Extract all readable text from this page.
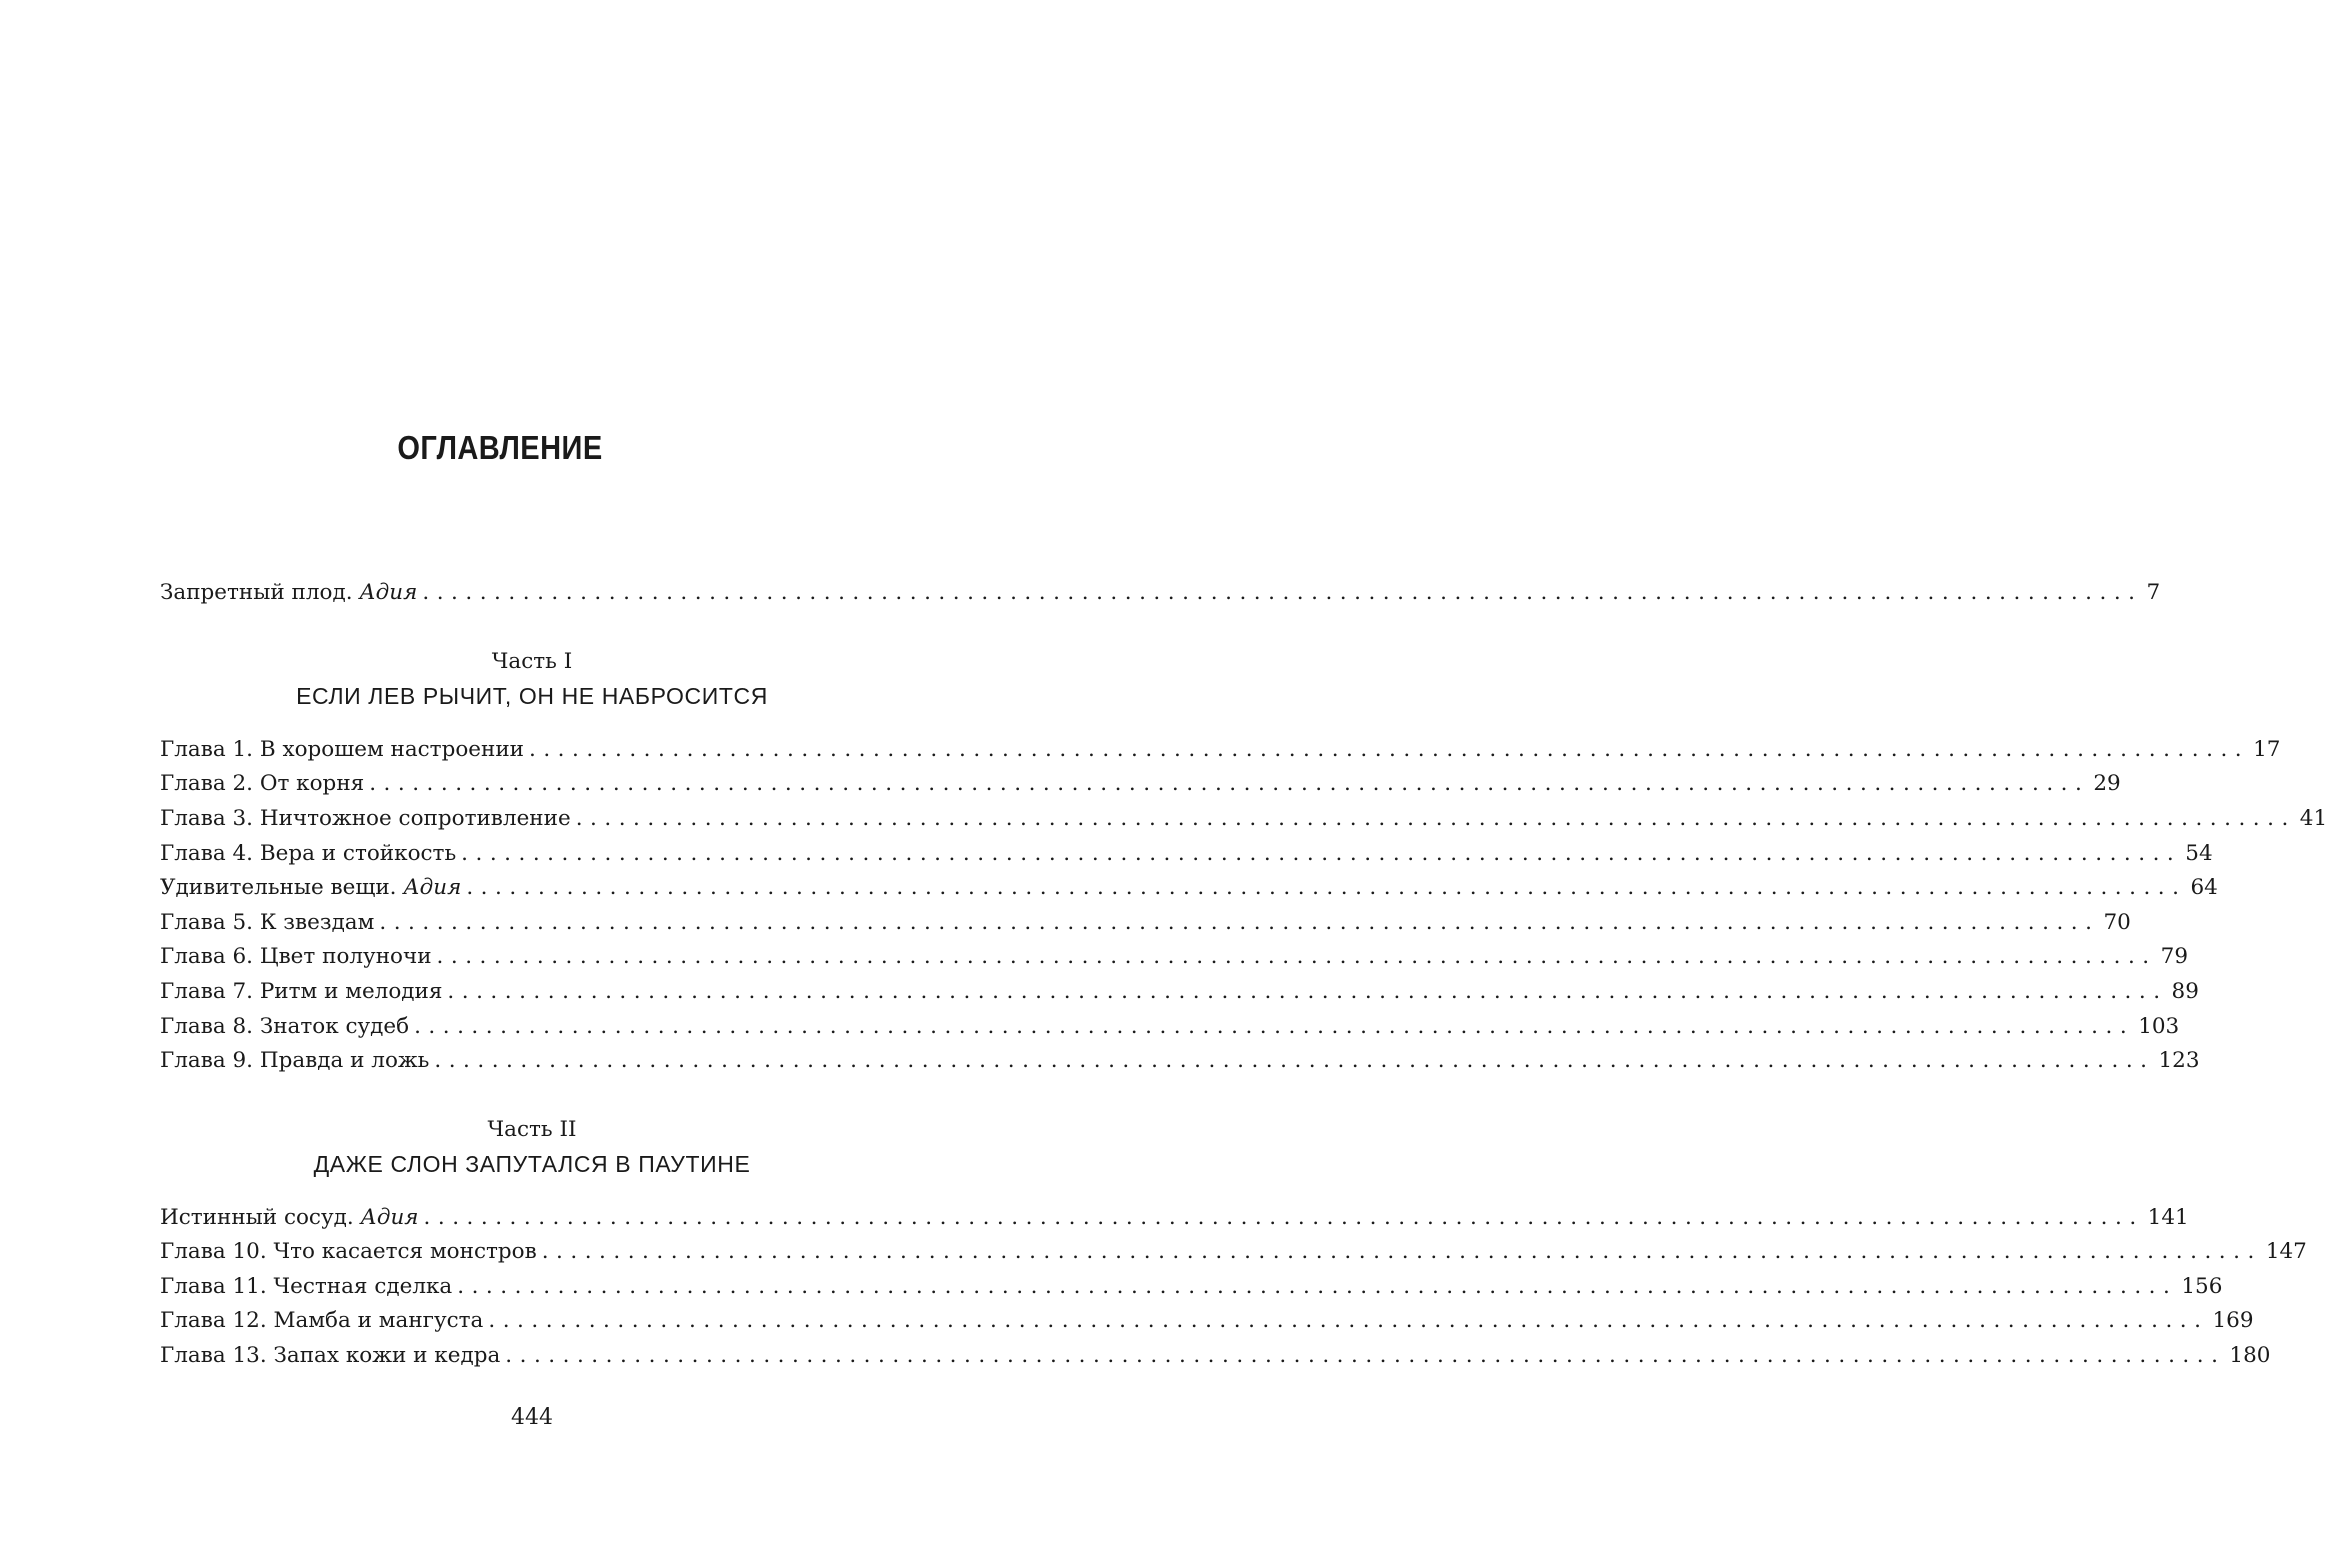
ОГЛАВЛЕНИЕ
Запретный плод. Адия ........................................................................................................................ 7
Часть I
ЕСЛИ ЛЕВ РЫЧИТ, ОН НЕ НАБРОСИТСЯ
Глава 1. В хорошем настроении ........................................................................................................................ 17
Глава 2. От корня ........................................................................................................................ 29
Глава 3. Ничтожное сопротивление ........................................................................................................................ 41
Глава 4. Вера и стойкость ........................................................................................................................ 54
Удивительные вещи. Адия ........................................................................................................................ 64
Глава 5. К звездам ........................................................................................................................ 70
Глава 6. Цвет полуночи ........................................................................................................................ 79
Глава 7. Ритм и мелодия ........................................................................................................................ 89
Глава 8. Знаток судеб ........................................................................................................................ 103
Глава 9. Правда и ложь ........................................................................................................................ 123
Часть II
ДАЖЕ СЛОН ЗАПУТАЛСЯ В ПАУТИНЕ
Истинный сосуд. Адия ........................................................................................................................ 141
Глава 10. Что касается монстров ........................................................................................................................ 147
Глава 11. Честная сделка ........................................................................................................................ 156
Глава 12. Мамба и мангуста ........................................................................................................................ 169
Глава 13. Запах кожи и кедра ........................................................................................................................ 180
444
